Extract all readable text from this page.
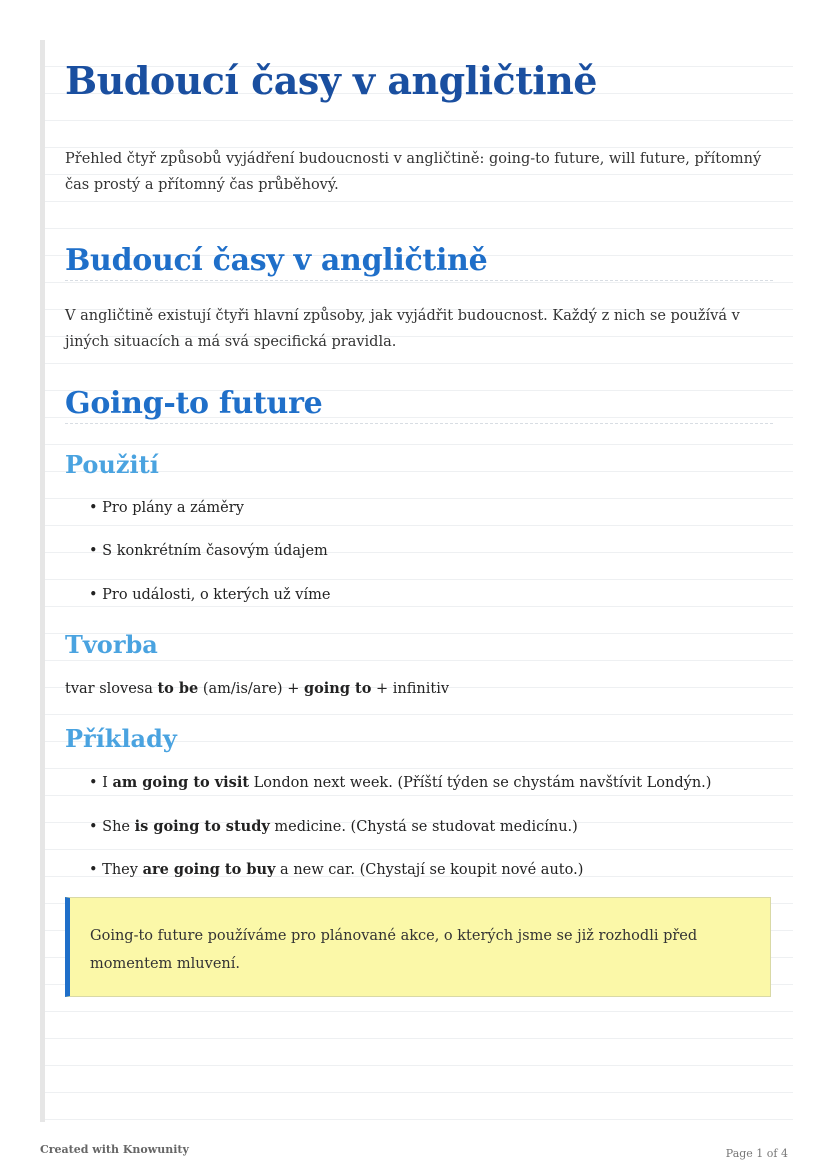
Budoucí časy v angličtině
Přehled čtyř způsobů vyjádření budoucnosti v angličtině: going-to future, will future, přítomný čas prostý a přítomný čas průběhový.
Budoucí časy v angličtině
V angličtině existují čtyři hlavní způsoby, jak vyjádřit budoucnost. Každý z nich se používá v jiných situacích a má svá specifická pravidla.
Going-to future
Použití
• Pro plány a záměry
• S konkrétním časovým údajem
• Pro události, o kterých už víme
Tvorba
tvar slovesa to be (am/is/are) + going to + infinitiv
Příklady
• I am going to visit London next week. (Příští týden se chystám navštívit Londýn.)
• She is going to study medicine. (Chystá se studovat medicínu.)
• They are going to buy a new car. (Chystají se koupit nové auto.)
Going-to future používáme pro plánované akce, o kterých jsme se již rozhodli před momentem mluvení.
Created with Knowunity	Page 1 of 4
